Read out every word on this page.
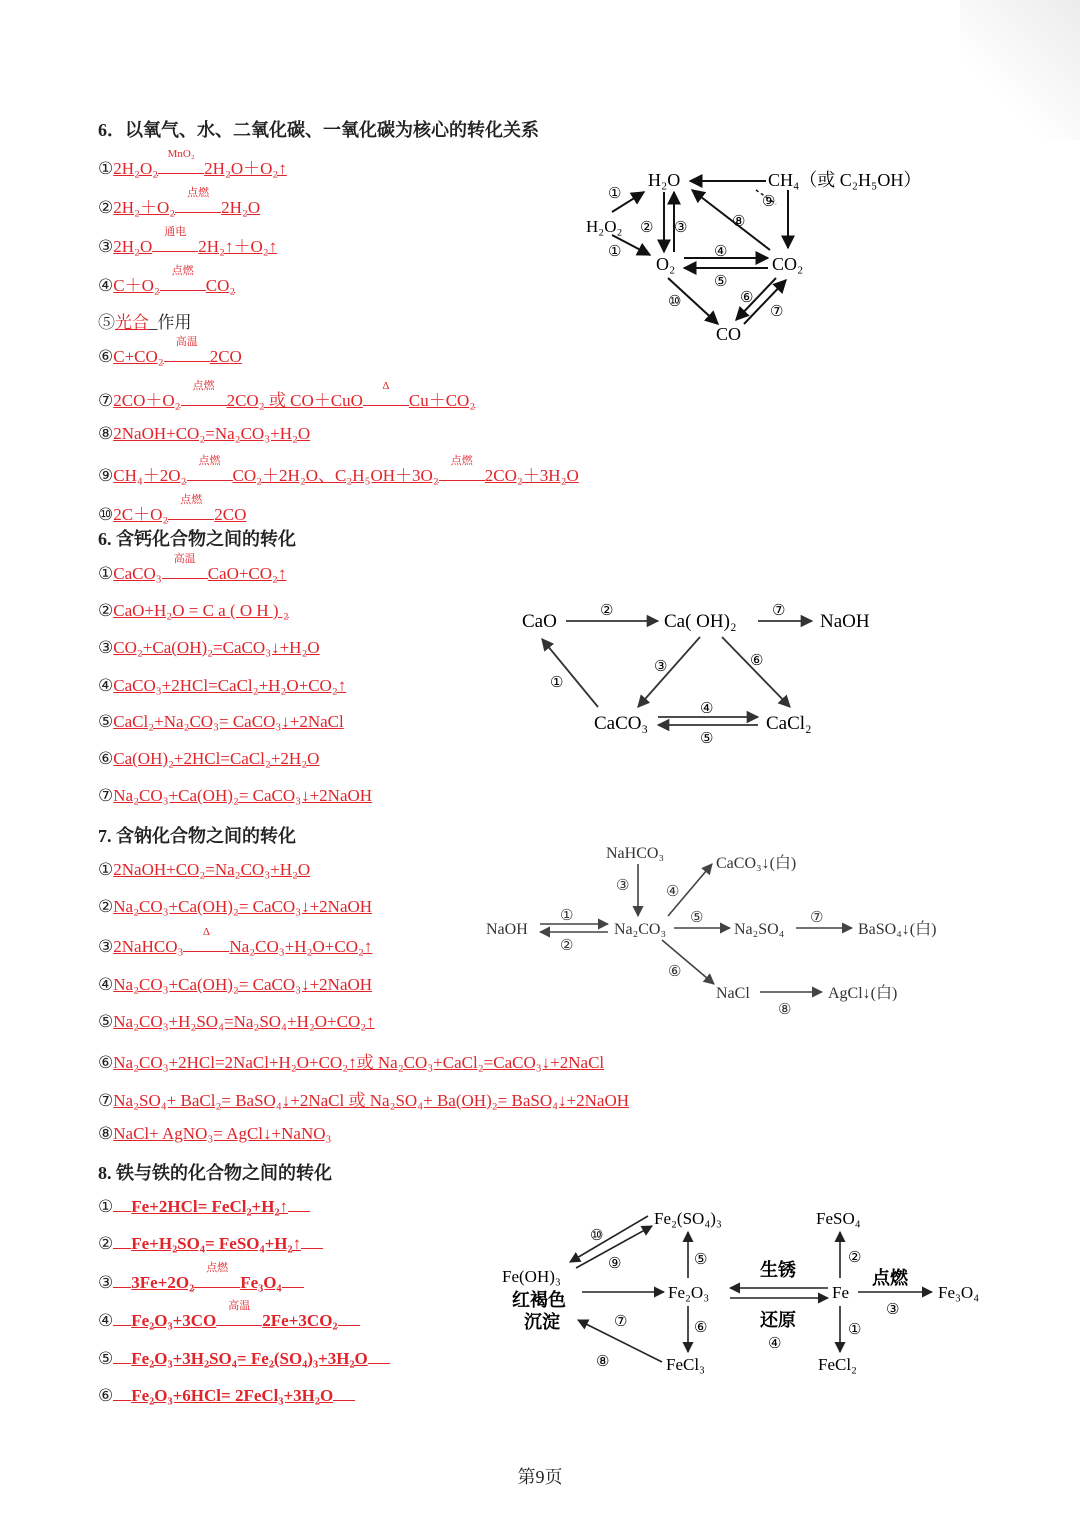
6．以氧气、水、二氧化碳、一氧化碳为核心的转化关系
①2H₂O₂
MnO₂
2H₂O＋O₂↑
②2H₂＋O₂
点燃
2H₂O
③2H₂O
通电
2H₂↑＋O₂↑
④C＋O₂
点燃
CO₂
⑤光合_作用
⑥C+CO₂
高温
2CO
⑦2CO＋O₂
点燃
2CO₂ 或 CO＋CuO
Δ
Cu＋CO₂
⑧2NaOH+CO₂=Na₂CO₃+H₂O
⑨CH₄＋2O₂
点燃
CO₂＋2H₂O、C₂H₅OH＋3O₂
点燃
2CO₂＋3H₂O
⑩2C＋O₂
点燃
2CO
6. 含钙化合物之间的转化
①CaCO₃
高温
CaO+CO₂↑
②CaO+H₂O = C a ( O H ) ₂
③CO₂+Ca(OH)₂=CaCO₃↓+H₂O
④CaCO₃+2HCl=CaCl₂+H₂O+CO₂↑
⑤CaCl₂+Na₂CO₃= CaCO₃↓+2NaCl
⑥Ca(OH)₂+2HCl=CaCl₂+2H₂O
⑦Na₂CO₃+Ca(OH)₂= CaCO₃↓+2NaOH
7. 含钠化合物之间的转化
①2NaOH+CO₂=Na₂CO₃+H₂O
②Na₂CO₃+Ca(OH)₂= CaCO₃↓+2NaOH
③2NaHCO₃
Δ
Na₂CO₃+H₂O+CO₂↑
④Na₂CO₃+Ca(OH)₂= CaCO₃↓+2NaOH
⑤Na₂CO₃+H₂SO₄=Na₂SO₄+H₂O+CO₂↑
⑥Na₂CO₃+2HCl=2NaCl+H₂O+CO₂↑或 Na₂CO₃+CaCl₂=CaCO₃↓+2NaCl
⑦Na₂SO₄+ BaCl₂= BaSO₄↓+2NaCl 或 Na₂SO₄+ Ba(OH)₂= BaSO₄↓+2NaOH
⑧NaCl+ AgNO₃= AgCl↓+NaNO₃
8. 铁与铁的化合物之间的转化
① Fe+2HCl= FeCl₂+H₂↑
② Fe+H₂SO₄= FeSO₄+H₂↑
③ 3Fe+2O₂
点燃
Fe₃O₄
④ Fe₂O₃+3CO
高温
2Fe+3CO₂
⑤ Fe₂O₃+3H₂SO₄= Fe₂(SO₄)₃+3H₂O
⑥ Fe₂O₃+6HCl= 2FeCl₃+3H₂O
H₂O	CH₄（或 C₂H₅OH）
H₂O₂
O₂	CO₂
CO
①
①
② ③
④
⑤
⑥
⑦
⑧
⑨
⑩
CaO	Ca( OH)₂	NaOH
CaCO₃	CaCl₂
①
②
③
④
⑤
⑥
⑦
NaHCO₃
CaCO₃↓(白)
NaOH	Na₂CO₃	Na₂SO₄	BaSO₄↓(白)
NaCl	AgCl↓(白)
①
②
③ ④
⑤
⑥
⑦
⑧
Fe₂(SO₄)₃
Fe(OH)₃
红褐色
沉淀
Fe₂O₃
FeCl₃
生锈
还原
Fe
FeSO₄
FeCl₂
点燃
Fe₃O₄
⑩
⑨	⑤
⑥
⑦
⑧
④
②
①
③
第9页
